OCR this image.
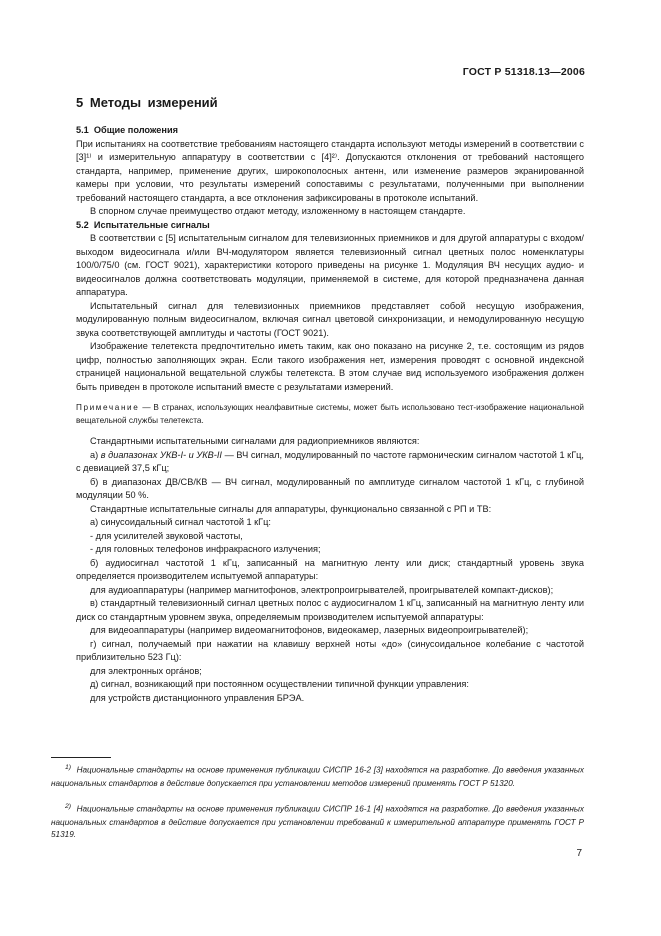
ГОСТ Р 51318.13—2006
5 Методы измерений

5.1 Общие положения

При испытаниях на соответствие требованиям настоящего стандарта используют методы измерений в соответствии с [3]¹⁾ и измерительную аппаратуру в соответствии с [4]²⁾. Допускаются отклонения от требований настоящего стандарта, например, применение других, широкополосных антенн, или изменение размеров экранированной камеры при условии, что результаты измерений сопоставимы с результатами, полученными при выполнении требований настоящего стандарта, а все отклонения зафиксированы в протоколе испытаний.

В спорном случае преимущество отдают методу, изложенному в настоящем стандарте.

5.2 Испытательные сигналы

В соответствии с [5] испытательным сигналом для телевизионных приемников и для другой аппаратуры с входом/выходом видеосигнала и/или ВЧ-модулятором является телевизионный сигнал цветных полос номенклатуры 100/0/75/0 (см. ГОСТ 9021), характеристики которого приведены на рисунке 1. Модуляция ВЧ несущих аудио- и видеосигналов должна соответствовать модуляции, применяемой в системе, для которой предназначена данная аппаратура.

Испытательный сигнал для телевизионных приемников представляет собой несущую изображения, модулированную полным видеосигналом, включая сигнал цветовой синхронизации, и немодулированную несущую звука соответствующей амплитуды и частоты (ГОСТ 9021).

Изображение телетекста предпочтительно иметь таким, как оно показано на рисунке 2, т.е. состоящим из рядов цифр, полностью заполняющих экран. Если такого изображения нет, измерения проводят с основной индексной страницей национальной вещательной службы телетекста. В этом случае вид используемого изображения должен быть приведен в протоколе испытаний вместе с результатами измерений.

Примечание — В странах, использующих неалфавитные системы, может быть использовано тест-изображение национальной вещательной службы телетекста.

Стандартными испытательными сигналами для радиоприемников являются:

а) в диапазонах УКВ-I- и УКВ-II — ВЧ сигнал, модулированный по частоте гармоническим сигналом частотой 1 кГц, с девиацией 37,5 кГц;

б) в диапазонах ДВ/СВ/КВ — ВЧ сигнал, модулированный по амплитуде сигналом частотой 1 кГц, с глубиной модуляции 50 %.

Стандартные испытательные сигналы для аппаратуры, функционально связанной с РП и ТВ:

а) синусоидальный сигнал частотой 1 кГц:

- для усилителей звуковой частоты,

- для головных телефонов инфракрасного излучения;

б) аудиосигнал частотой 1 кГц, записанный на магнитную ленту или диск; стандартный уровень звука определяется производителем испытуемой аппаратуры:

для аудиоаппаратуры (например магнитофонов, электропроигрывателей, проигрывателей компакт-дисков);

в) стандартный телевизионный сигнал цветных полос с аудиосигналом 1 кГц, записанный на магнитную ленту или диск со стандартным уровнем звука, определяемым производителем испытуемой аппаратуры:

для видеоаппаратуры (например видеомагнитофонов, видеокамер, лазерных видеопроигрывателей);

г) сигнал, получаемый при нажатии на клавишу верхней ноты «до» (синусоидальное колебание с частотой приблизительно 523 Гц):

для электронных орга́нов;

д) сигнал, возникающий при постоянном осуществлении типичной функции управления:

для устройств дистанционного управления БРЭА.

$^{1)}$ Национальные стандарты на основе применения публикации СИСПР 16-2 [3] находятся на разработке. До введения указанных национальных стандартов в действие допускается при установлении методов измерений применять ГОСТ Р 51320.
$^{2)}$ Национальные стандарты на основе применения публикации СИСПР 16-1 [4] находятся на разработке. До введения указанных национальных стандартов в действие допускается при установлении требований к измерительной аппаратуре применять ГОСТ Р 51319.
7
